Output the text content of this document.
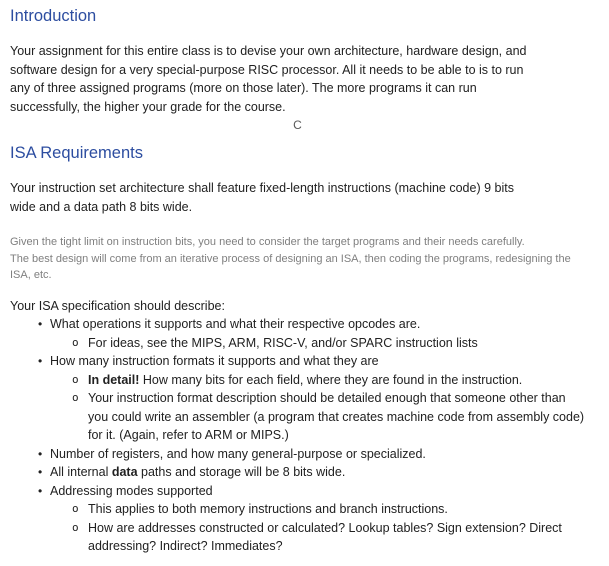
Introduction
Your assignment for this entire class is to devise your own architecture, hardware design, and
software design for a very special-purpose RISC processor. All it needs to be able to is to run
any of three assigned programs (more on those later). The more programs it can run
successfully, the higher your grade for the course.
C
ISA Requirements
Your instruction set architecture shall feature fixed-length instructions (machine code) 9 bits
wide and a data path 8 bits wide.
Given the tight limit on instruction bits, you need to consider the target programs and their needs carefully.
The best design will come from an iterative process of designing an ISA, then coding the programs, redesigning the
ISA, etc.
Your ISA specification should describe:
• What operations it supports and what their respective opcodes are.
o For ideas, see the MIPS, ARM, RISC-V, and/or SPARC instruction lists
• How many instruction formats it supports and what they are
o In detail! How many bits for each field, where they are found in the instruction.
o Your instruction format description should be detailed enough that someone other than you could write an assembler (a program that creates machine code from assembly code) for it. (Again, refer to ARM or MIPS.)
• Number of registers, and how many general-purpose or specialized.
• All internal data paths and storage will be 8 bits wide.
• Addressing modes supported
o This applies to both memory instructions and branch instructions.
o How are addresses constructed or calculated? Lookup tables? Sign extension? Direct addressing? Indirect? Immediates?
